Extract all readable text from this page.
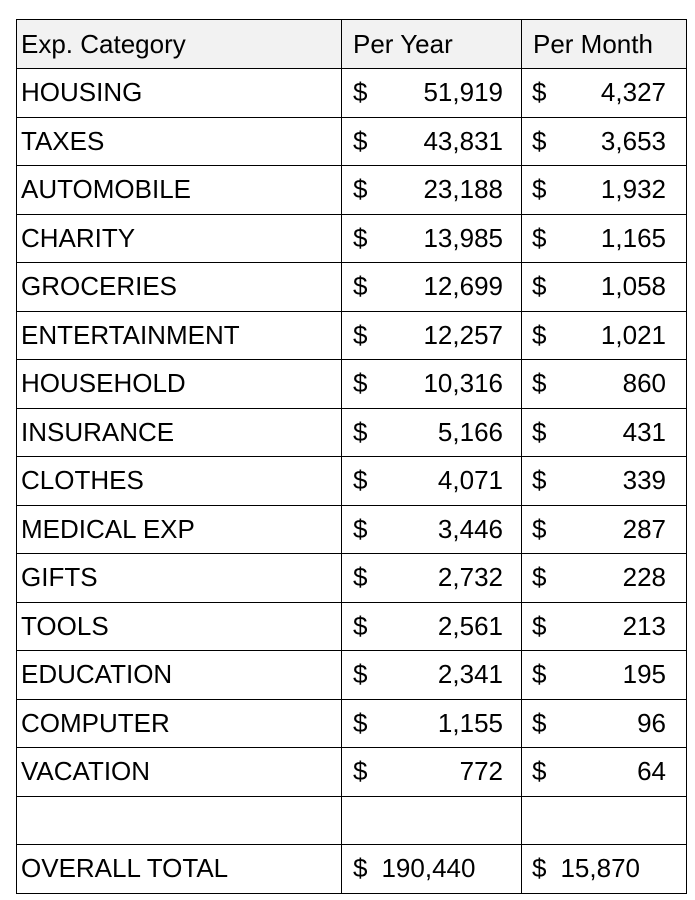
Exp. Category	Per Year	Per Month
HOUSING	$ 51,919	$ 4,327

TAXES	$ 43,831	$ 3,653

AUTOMOBILE	$ 23,188	$ 1,932

CHARITY	$ 13,985	$ 1,165

GROCERIES	$ 12,699	$ 1,058

ENTERTAINMENT	$ 12,257	$ 1,021

HOUSEHOLD	$ 10,316	$ 860

INSURANCE	$ 5,166	$ 431

CLOTHES	$ 4,071	$ 339

MEDICAL EXP	$ 3,446	$ 287

GIFTS	$ 2,732	$ 228

TOOLS	$ 2,561	$ 213

EDUCATION	$ 2,341	$ 195

COMPUTER	$ 1,155	$ 96

VACATION	$ 772	$ 64

OVERALL TOTAL	$ 190,440	$ 15,870
